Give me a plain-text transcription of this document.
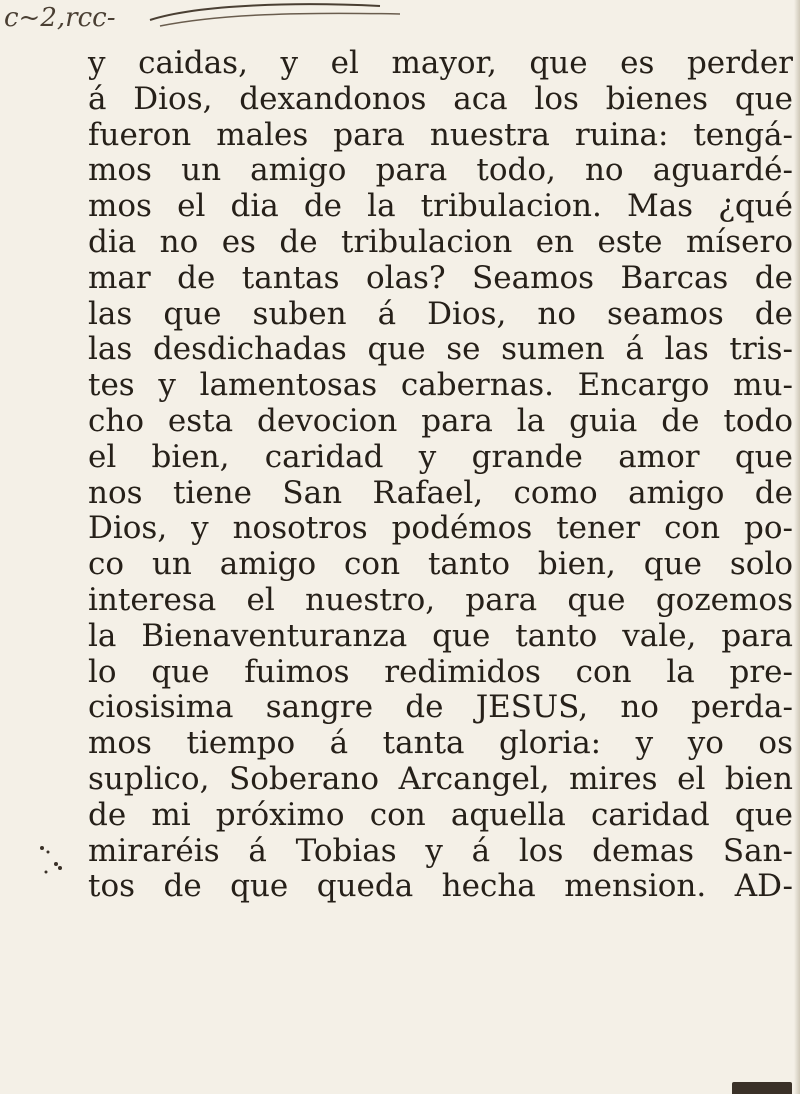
c~2,rcc-
y caidas, y el mayor, que es perder
á Dios, dexandonos aca los bienes que
fueron males para nuestra ruina: tengá-
mos un amigo para todo, no aguardé-
mos el dia de la tribulacion. Mas ¿qué
dia no es de tribulacion en este mísero
mar de tantas olas? Seamos Barcas de
las que suben á Dios, no seamos de
las desdichadas que se sumen á las tris-
tes y lamentosas cabernas. Encargo mu-
cho esta devocion para la guia de todo
el bien, caridad y grande amor que
nos tiene San Rafael, como amigo de
Dios, y nosotros podémos tener con po-
co un amigo con tanto bien, que solo
interesa el nuestro, para que gozemos
la Bienaventuranza que tanto vale, para
lo que fuimos redimidos con la pre-
ciosisima sangre de JESUS, no perda-
mos tiempo á tanta gloria: y yo os
suplico, Soberano Arcangel, mires el bien
de mi próximo con aquella caridad que
miraréis á Tobias y á los demas San-
tos de que queda hecha mension. AD-
